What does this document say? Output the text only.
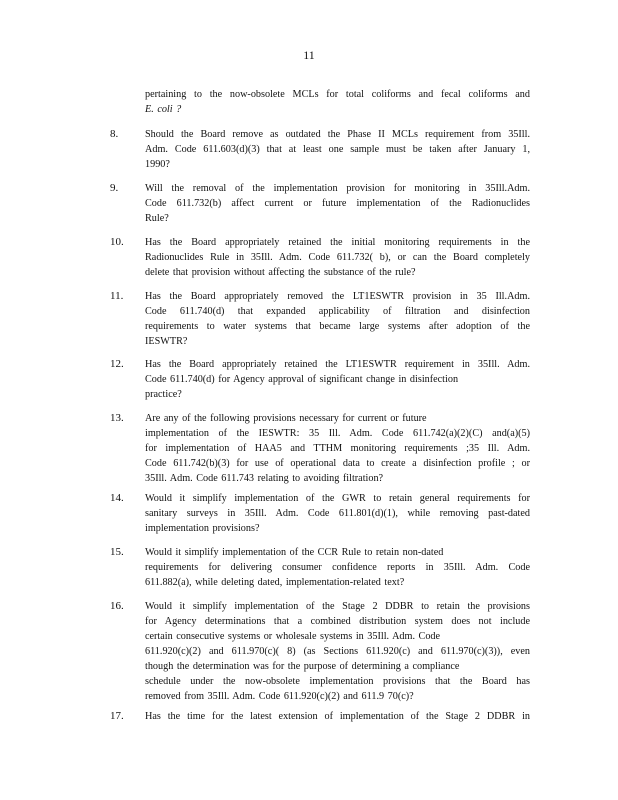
11
pertaining to the now-obsolete MCLs for total coliforms and fecal coliforms and
E. coli ?
8.	Should the Board remove as outdated the Phase II MCLs requirement from 35Ill.
Adm. Code 611.603(d)(3) that at least one sample must be taken after January 1,
1990?
9.	Will the removal of the implementation provision for monitoring in 35Ill.Adm.
Code 611.732(b) affect current or future implementation of the Radionuclides
Rule?
10. Has the Board appropriately retained the initial monitoring requirements in the
Radionuclides Rule in 35Ill. Adm. Code 611.732( b), or can the Board completely
delete that provision without affecting the substance of the rule?
11. Has the Board appropriately removed the LT1ESWTR provision in 35 Ill.Adm.
Code 611.740(d) that expanded applicability of filtration and disinfection
requirements to water systems that became large systems after adoption of the
IESWTR?
12. Has the Board appropriately retained the LT1ESWTR requirement in 35Ill. Adm.
Code 611.740(d) for Agency approval of significant change in disinfection
practice?
13. Are any of the following provisions necessary for current or future
implementation of the IESWTR: 35 Ill. Adm. Code 611.742(a)(2)(C) and(a)(5)
for implementation of HAA5 and TTHM monitoring requirements ;35 Ill. Adm.
Code 611.742(b)(3) for use of operational data to create a disinfection profile ; or
35Ill. Adm. Code 611.743 relating to avoiding filtration?
14. Would it simplify implementation of the GWR to retain general requirements for
sanitary surveys in 35Ill. Adm. Code 611.801(d)(1), while removing past-dated
implementation provisions?
15. Would it simplify implementation of the CCR Rule to retain non-dated
requirements for delivering consumer confidence reports in 35Ill. Adm. Code
611.882(a), while deleting dated, implementation-related text?
16. Would it simplify implementation of the Stage 2 DDBR to retain the provisions
for Agency determinations that a combined distribution system does not include
certain consecutive systems or wholesale systems in 35Ill. Adm. Code
611.920(c)(2) and 611.970(c)( 8) (as Sections 611.920(c) and 611.970(c)(3)), even
though the determination was for the purpose of determining a compliance
schedule under the now-obsolete implementation provisions that the Board has
removed from 35Ill. Adm. Code 611.920(c)(2) and 611.9 70(c)?
17. Has the time for the latest extension of implementation of the Stage 2 DDBR in
